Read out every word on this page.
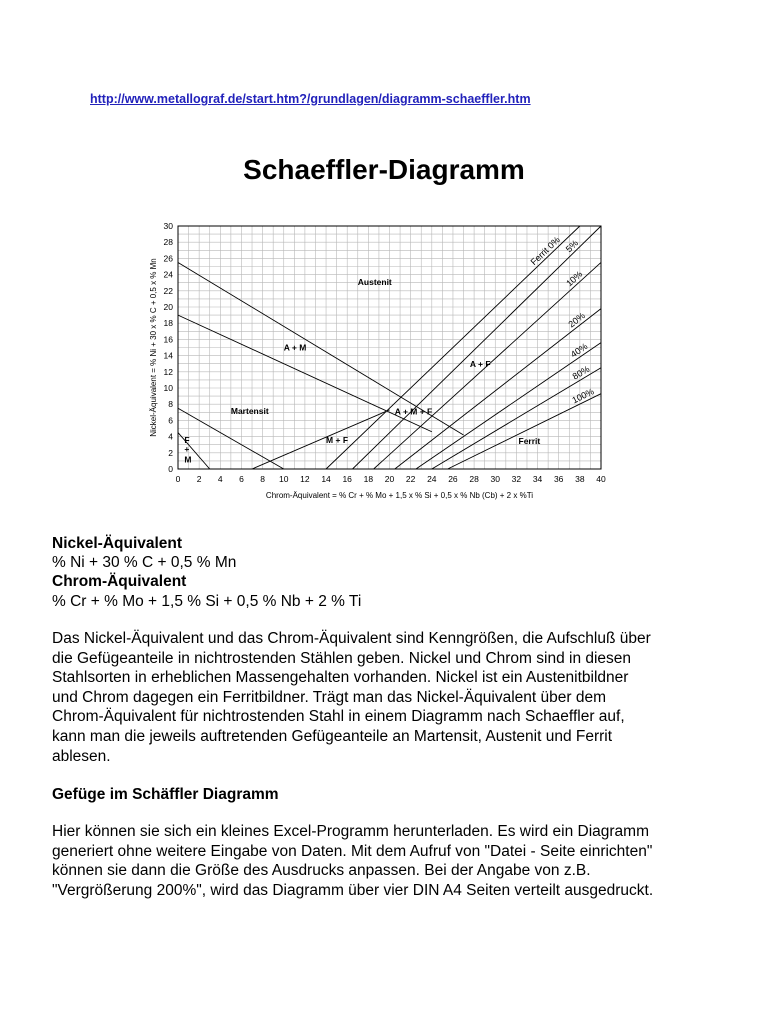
http://www.metallograf.de/start.htm?/grundlagen/diagramm-schaeffler.htm
Schaeffler-Diagramm
0 2 4 6 8 10 12 14 16 18 20 22 24 26 28 30 32 34 36 38 40
0
2
4
6
8
10
12
14
16
18
20
22
24
26
28
30
Chrom-Äquivalent = % Cr + % Mo + 1,5 x % Si + 0,5 x % Nb (Cb) + 2 x %Ti
Nickel-Äquivalent = % Ni + 30 x % C + 0,5 x % Mn
Ferrit 0% 5%
10%
20%
40%
80%
100%
Austenit
A + M
A + F
Martensit	A + M + F
M + F	Ferrit
F
+
M
Nickel-Äquivalent
% Ni + 30 % C + 0,5 % Mn
Chrom-Äquivalent
% Cr + % Mo + 1,5 % Si + 0,5 % Nb + 2 % Ti
Das Nickel-Äquivalent und das Chrom-Äquivalent sind Kenngrößen, die Aufschluß über
die Gefügeanteile in nichtrostenden Stählen geben. Nickel und Chrom sind in diesen
Stahlsorten in erheblichen Massengehalten vorhanden. Nickel ist ein Austenitbildner
und Chrom dagegen ein Ferritbildner. Trägt man das Nickel-Äquivalent über dem
Chrom-Äquivalent für nichtrostenden Stahl in einem Diagramm nach Schaeffler auf,
kann man die jeweils auftretenden Gefügeanteile an Martensit, Austenit und Ferrit
ablesen.
Gefüge im Schäffler Diagramm
Hier können sie sich ein kleines Excel-Programm herunterladen. Es wird ein Diagramm
generiert ohne weitere Eingabe von Daten. Mit dem Aufruf von "Datei - Seite einrichten"
können sie dann die Größe des Ausdrucks anpassen. Bei der Angabe von z.B.
"Vergrößerung 200%", wird das Diagramm über vier DIN A4 Seiten verteilt ausgedruckt.
